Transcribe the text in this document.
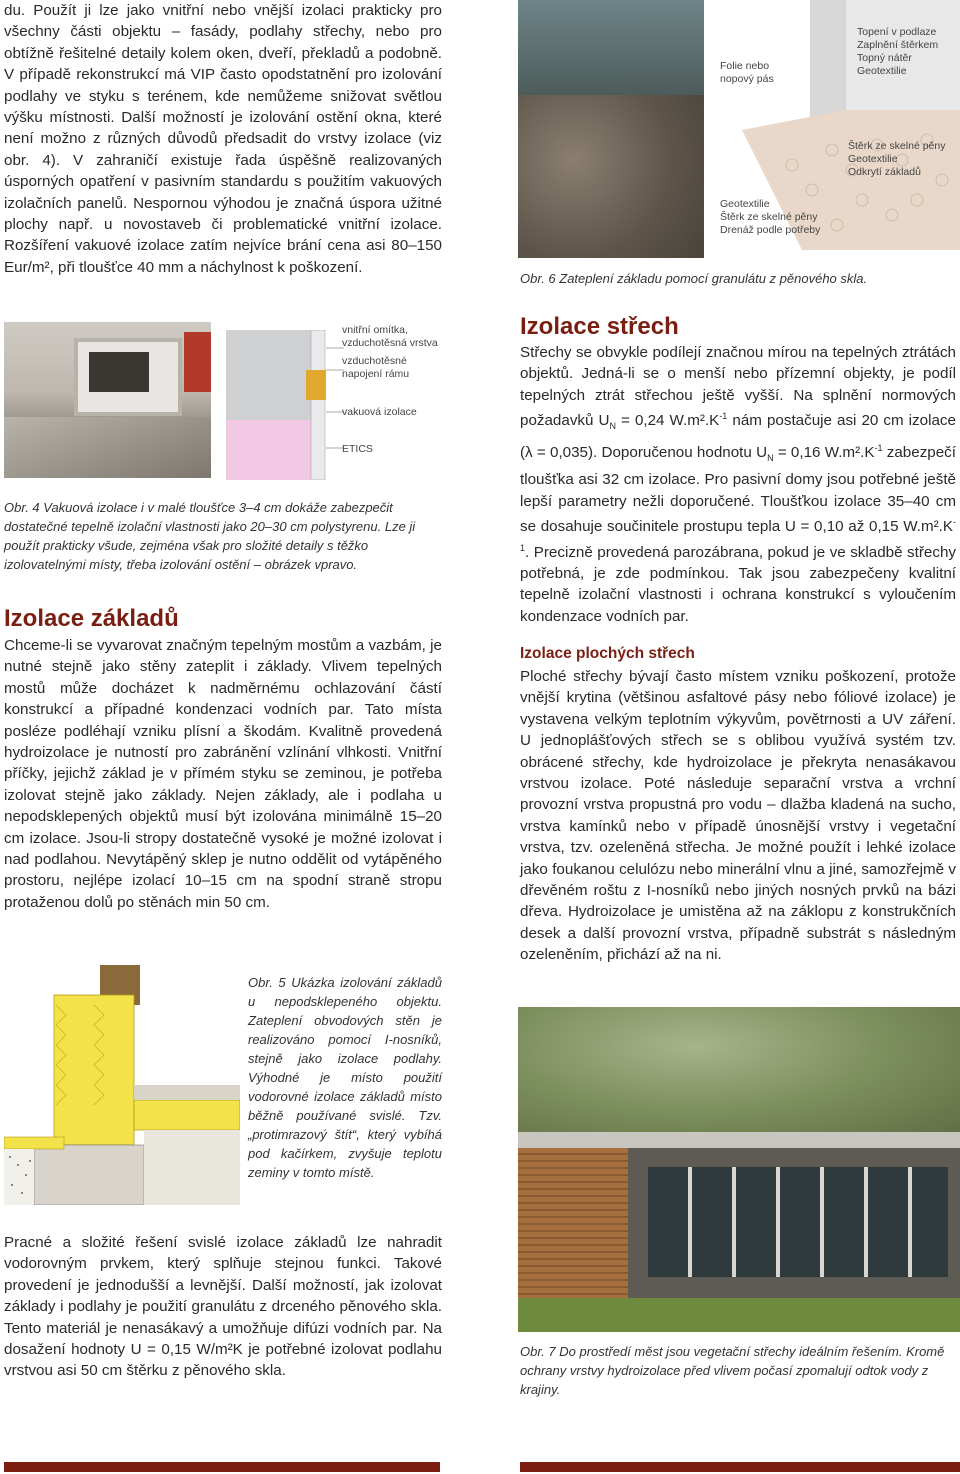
du. Použít ji lze jako vnitřní nebo vnější izolaci prakticky pro všechny části objektu – fasády, podlahy střechy, nebo pro obtížně řešitelné detaily kolem oken, dveří, překladů a podobně. V případě rekonstrukcí má VIP často opodstatnění pro izolování podlahy ve styku s terénem, kde nemůžeme snižovat světlou výšku místnosti. Další možností je izolování ostění okna, které není možno z různých důvodů předsadit do vrstvy izolace (viz obr. 4). V zahraničí existuje řada úspěšně realizovaných úsporných opatření v pasivním standardu s použitím vakuových izolačních panelů. Nespornou výhodou je značná úspora užitné plochy např. u novostaveb či problematické vnitřní izolace. Rozšíření vakuové izolace zatím nejvíce brání cena asi 80–150 Eur/m², při tloušťce 40 mm a náchylnost k poškození.

vnitřní omítka, vzduchotěsná vrstva
vzduchotěsné napojení rámu
vakuová izolace
ETICS
Obr. 4 Vakuová izolace i v malé tloušťce 3–4 cm dokáže zabezpečit dostatečné tepelně izolační vlastnosti jako 20–30 cm polystyrenu. Lze ji použít prakticky všude, zejména však pro složité detaily s těžko izolovatelnými místy, třeba izolování ostění – obrázek vpravo.
Izolace základů
Chceme-li se vyvarovat značným tepelným mostům a vazbám, je nutné stejně jako stěny zateplit i základy. Vlivem tepelných mostů může docházet k nadměrnému ochlazování částí konstrukcí a případné kondenzaci vodních par. Tato místa posléze podléhají vzniku plísní a škodám. Kvalitně provedená hydroizolace je nutností pro zabránění vzlínání vlhkosti. Vnitřní příčky, jejichž základ je v přímém styku se zeminou, je potřeba izolovat stejně jako základy. Nejen základy, ale i podlaha u nepodsklepených objektů musí být izolována minimálně 15–20 cm izolace. Jsou-li stropy dostatečně vysoké je možné izolovat i nad podlahou. Nevytápěný sklep je nutno oddělit od vytápěného prostoru, nejlépe izolací 10–15 cm na spodní straně stropu protaženou dolů po stěnách min 50 cm.
Obr. 5 Ukázka izolování základů u nepodsklepeného objektu. Zateplení obvodových stěn je realizováno pomocí I-nosníků, stejně jako izolace podlahy. Výhodné je místo použití vodorovné izolace základů místo běžně používané svislé. Tzv. „protimrazový štít“, který vybíhá pod kačírkem, zvyšuje teplotu zeminy v tomto místě.
Pracné a složité řešení svislé izolace základů lze nahradit vodorovným prvkem, který splňuje stejnou funkci. Takové provedení je jednodušší a levnější. Další možností, jak izolovat základy i podlahy je použití granulátu z drceného pěnového skla. Tento materiál je nenasákavý a umožňuje difúzi vodních par. Na dosažení hodnoty U = 0,15 W/m²K je potřebné izolovat podlahu vrstvou asi 50 cm štěrku z pěnového skla.
Folie nebo nopový pás
Topení v podlaze
Zaplnění štěrkem
Topný nátěr
Geotextilie
Štěrk ze skelné pěny
Geotextilie
Odkrytí základů
Geotextilie
Štěrk ze skelné pěny
Drenáž podle potřeby
Obr. 6 Zateplení základu pomocí granulátu z pěnového skla.
Izolace střech
Střechy se obvykle podílejí značnou mírou na tepelných ztrátách objektů. Jedná-li se o menší nebo přízemní objekty, je podíl tepelných ztrát střechou ještě vyšší. Na splnění normových požadavků $U_N = 0,24$ $W.m^2.K^{-1}$ nám postačuje asi 20 cm izolace (λ = 0,035). Doporučenou hodnotu $U_N = 0,16$ $W.m^2.K^{-1}$ zabezpečí tloušťka asi 32 cm izolace. Pro pasivní domy jsou potřebné ještě lepší parametry nežli doporučené. Tloušťkou izolace 35–40 cm se dosahuje součinitele prostupu tepla U = 0,10 až 0,15 $W.m^2.K^{-1}$. Precizně provedená parozábrana, pokud je ve skladbě střechy potřebná, je zde podmínkou. Tak jsou zabezpečeny kvalitní tepelně izolační vlastnosti i ochrana konstrukcí s vyloučením kondenzace vodních par.
Izolace plochých střech
Ploché střechy bývají často místem vzniku poškození, protože vnější krytina (většinou asfaltové pásy nebo fóliové izolace) je vystavena velkým teplotním výkyvům, povětrnosti a UV záření. U jednoplášťových střech se s oblibou využívá systém tzv. obrácené střechy, kde hydroizolace je překryta nenasákavou vrstvou izolace. Poté následuje separační vrstva a vrchní provozní vrstva propustná pro vodu – dlažba kladená na sucho, vrstva kamínků nebo v případě únosnější vrstvy i vegetační vrstva, tzv. ozeleněná střecha. Je možné použít i lehké izolace jako foukanou celulózu nebo minerální vlnu a jiné, samozřejmě v dřevěném roštu z I-nosníků nebo jiných nosných prvků na bázi dřeva. Hydroizolace je umistěna až na záklopu z konstrukčních desek a další provozní vrstva, případně substrát s následným ozeleněním, přichází až na ni.
Obr. 7 Do prostředí měst jsou vegetační střechy ideálním řešením. Kromě ochrany vrstvy hydroizolace před vlivem počasí zpomalují odtok vody z krajiny.
